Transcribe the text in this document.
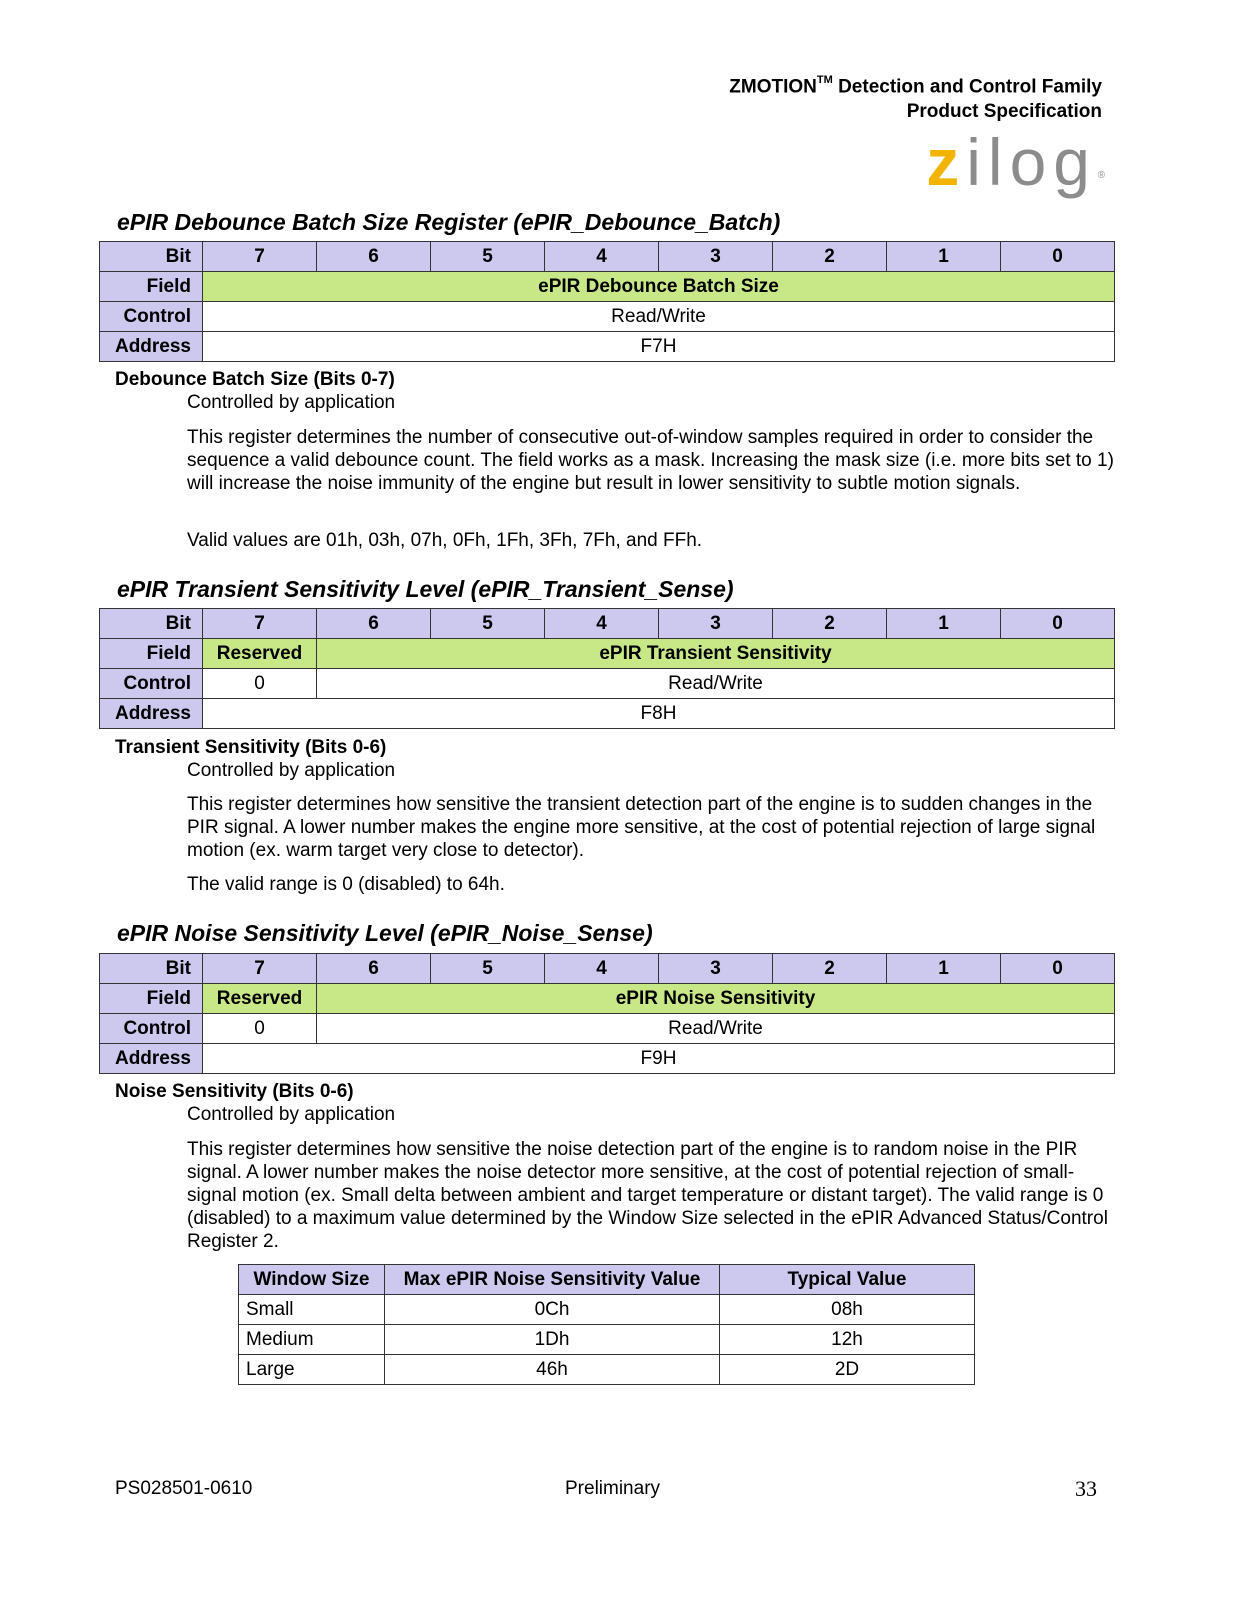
ZMOTION™ Detection and Control Family
Product Specification
zilog ®
ePIR Debounce Batch Size Register (ePIR_Debounce_Batch)
Bit	7	6	5	4	3	2	1	0
Field	ePIR Debounce Batch Size							
Control	Read/Write							
Address	F7H							
Debounce Batch Size (Bits 0-7)
Controlled by application
This register determines the number of consecutive out-of-window samples required in order to consider the sequence a valid debounce count. The field works as a mask. Increasing the mask size (i.e. more bits set to 1) will increase the noise immunity of the engine but result in lower sensitivity to subtle motion signals.
Valid values are 01h, 03h, 07h, 0Fh, 1Fh, 3Fh, 7Fh, and FFh.
ePIR Transient Sensitivity Level (ePIR_Transient_Sense)
Bit	7	6	5	4	3	2	1	0
Field	Reserved	ePIR Transient Sensitivity						
Control	0	Read/Write						
Address	F8H							
Transient Sensitivity (Bits 0-6)
Controlled by application
This register determines how sensitive the transient detection part of the engine is to sudden changes in the PIR signal. A lower number makes the engine more sensitive, at the cost of potential rejection of large signal motion (ex. warm target very close to detector).
The valid range is 0 (disabled) to 64h.
ePIR Noise Sensitivity Level (ePIR_Noise_Sense)
Bit	7	6	5	4	3	2	1	0
Field	Reserved	ePIR Noise Sensitivity						
Control	0	Read/Write						
Address	F9H							
Noise Sensitivity (Bits 0-6)
Controlled by application
This register determines how sensitive the noise detection part of the engine is to random noise in the PIR signal. A lower number makes the noise detector more sensitive, at the cost of potential rejection of small-signal motion (ex. Small delta between ambient and target temperature or distant target). The valid range is 0 (disabled) to a maximum value determined by the Window Size selected in the ePIR Advanced Status/Control Register 2.
Window Size	Max ePIR Noise Sensitivity Value	Typical Value
Small	0Ch	08h
Medium	1Dh	12h
Large	46h	2D
PS028501-0610	Preliminary	33
